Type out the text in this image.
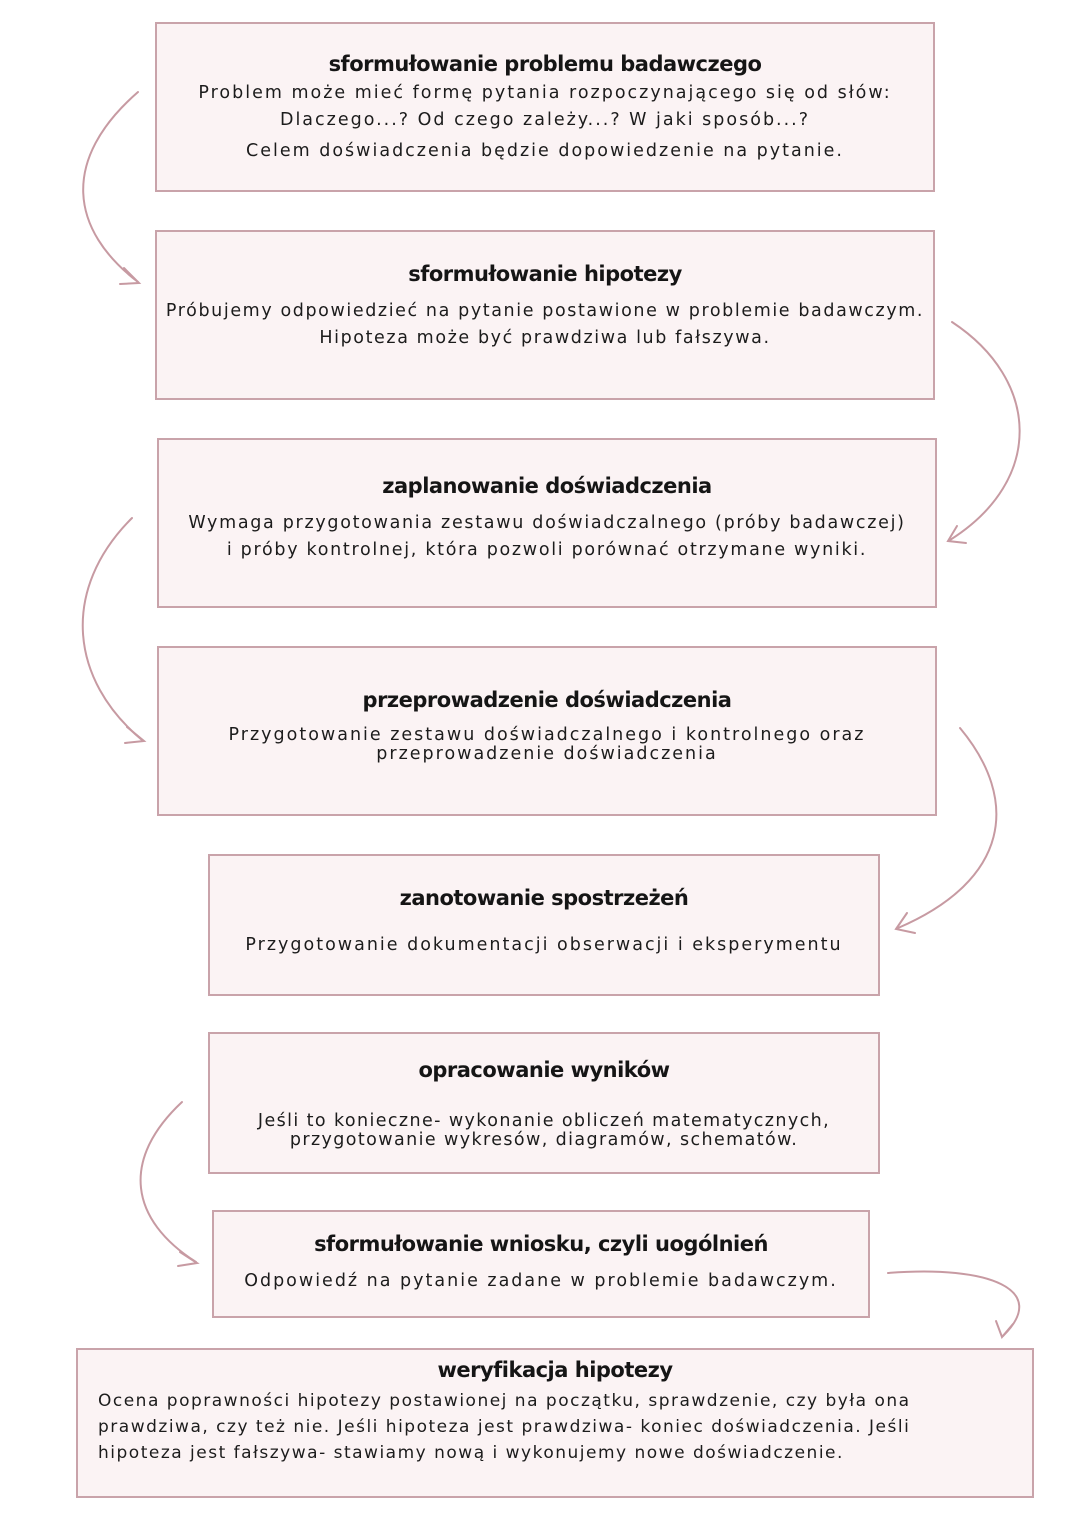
sformułowanie problemu badawczego

Problem może mieć formę pytania rozpoczynającego się od słów:
Dlaczego...? Od czego zależy...? W jaki sposób...?
Celem doświadczenia będzie dopowiedzenie na pytanie.

sformułowanie hipotezy

Próbujemy odpowiedzieć na pytanie postawione w problemie badawczym.
Hipoteza może być prawdziwa lub fałszywa.

zaplanowanie doświadczenia

Wymaga przygotowania zestawu doświadczalnego (próby badawczej)
i próby kontrolnej, która pozwoli porównać otrzymane wyniki.

przeprowadzenie doświadczenia

Przygotowanie zestawu doświadczalnego i kontrolnego oraz
przeprowadzenie doświadczenia

zanotowanie spostrzeżeń

Przygotowanie dokumentacji obserwacji i eksperymentu

opracowanie wyników

Jeśli to konieczne- wykonanie obliczeń matematycznych,
przygotowanie wykresów, diagramów, schematów.

sformułowanie wniosku, czyli uogólnień

Odpowiedź na pytanie zadane w problemie badawczym.

weryfikacja hipotezy

Ocena poprawności hipotezy postawionej na początku, sprawdzenie, czy była ona
prawdziwa, czy też nie. Jeśli hipoteza jest prawdziwa- koniec doświadczenia. Jeśli
hipoteza jest fałszywa- stawiamy nową i wykonujemy nowe doświadczenie.
